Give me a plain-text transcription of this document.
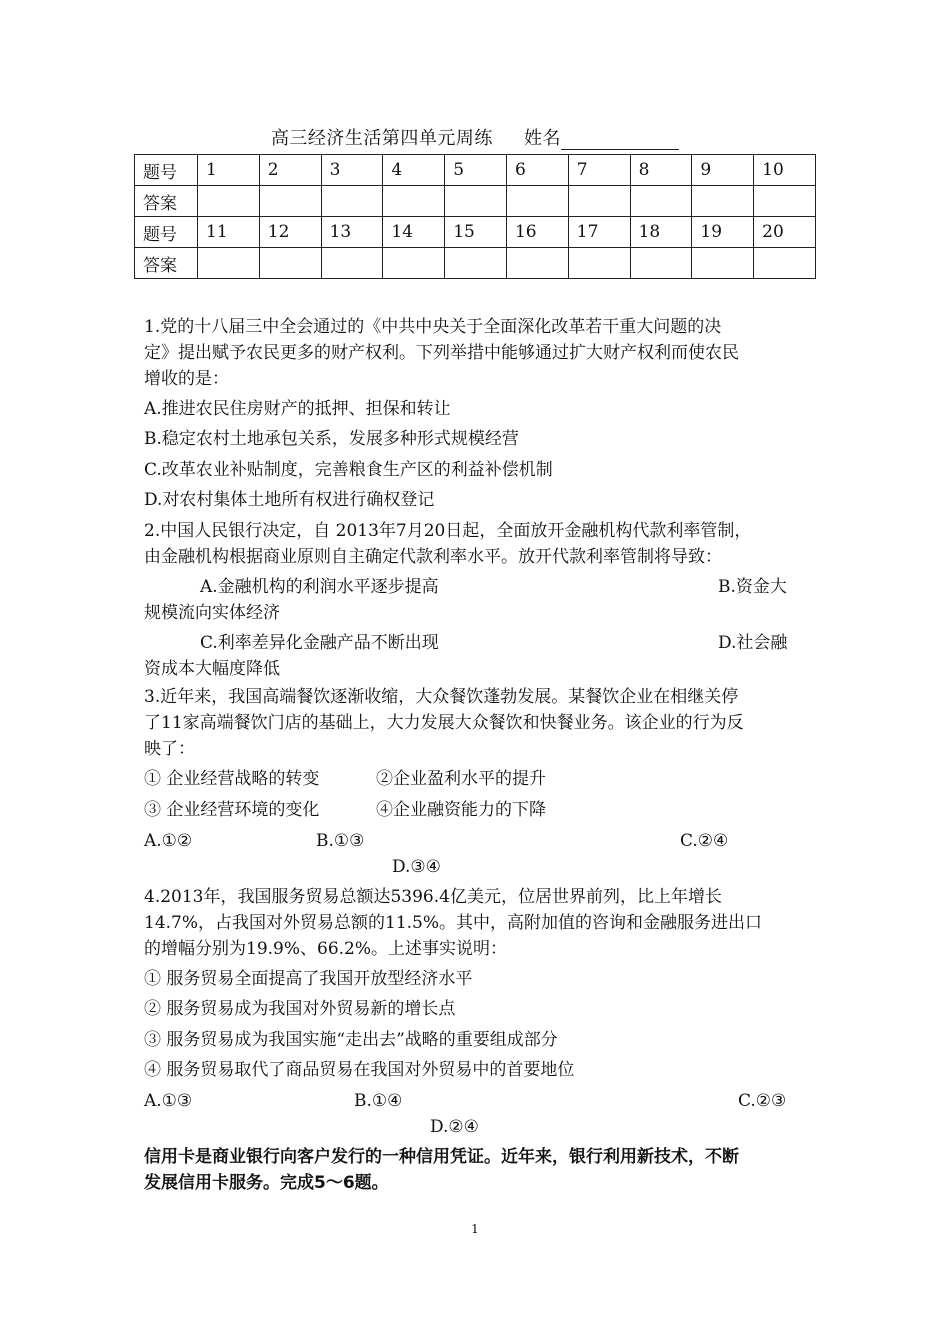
高三经济生活第四单元周练 姓名
题号	1	2	3	4	5	6	7	8	9	10
答案										
题号	11	12	13	14	15	16	17	18	19	20
答案										
1.党的十八届三中全会通过的《中共中央关于全面深化改革若干重大问题的决
定》提出赋予农民更多的财产权利。下列举措中能够通过扩大财产权利而使农民
增收的是：
A.推进农民住房财产的抵押、担保和转让
B.稳定农村土地承包关系，发展多种形式规模经营
C.改革农业补贴制度，完善粮食生产区的利益补偿机制
D.对农村集体土地所有权进行确权登记
2.中国人民银行决定，自 2013年7月20日起，全面放开金融机构代款利率管制，
由金融机构根据商业原则自主确定代款利率水平。放开代款利率管制将导致：
A.金融机构的利润水平逐步提高	B.资金大
规模流向实体经济
C.利率差异化金融产品不断出现	D.社会融
资成本大幅度降低
3.近年来，我国高端餐饮逐渐收缩，大众餐饮蓬勃发展。某餐饮企业在相继关停
了11家高端餐饮门店的基础上，大力发展大众餐饮和快餐业务。该企业的行为反
映了：
① 企业经营战略的转变	②企业盈利水平的提升
③ 企业经营环境的变化	④企业融资能力的下降
A.①②	B.①③	C.②④
D.③④
4.2013年，我国服务贸易总额达5396.4亿美元，位居世界前列，比上年增长
14.7%，占我国对外贸易总额的11.5%。其中，高附加值的咨询和金融服务进出口
的增幅分别为19.9%、66.2%。上述事实说明：
① 服务贸易全面提高了我国开放型经济水平
② 服务贸易成为我国对外贸易新的增长点
③ 服务贸易成为我国实施“走出去”战略的重要组成部分
④ 服务贸易取代了商品贸易在我国对外贸易中的首要地位
A.①③	B.①④	C.②③
D.②④
信用卡是商业银行向客户发行的一种信用凭证。近年来，银行利用新技术，不断
发展信用卡服务。完成5～6题。
1
